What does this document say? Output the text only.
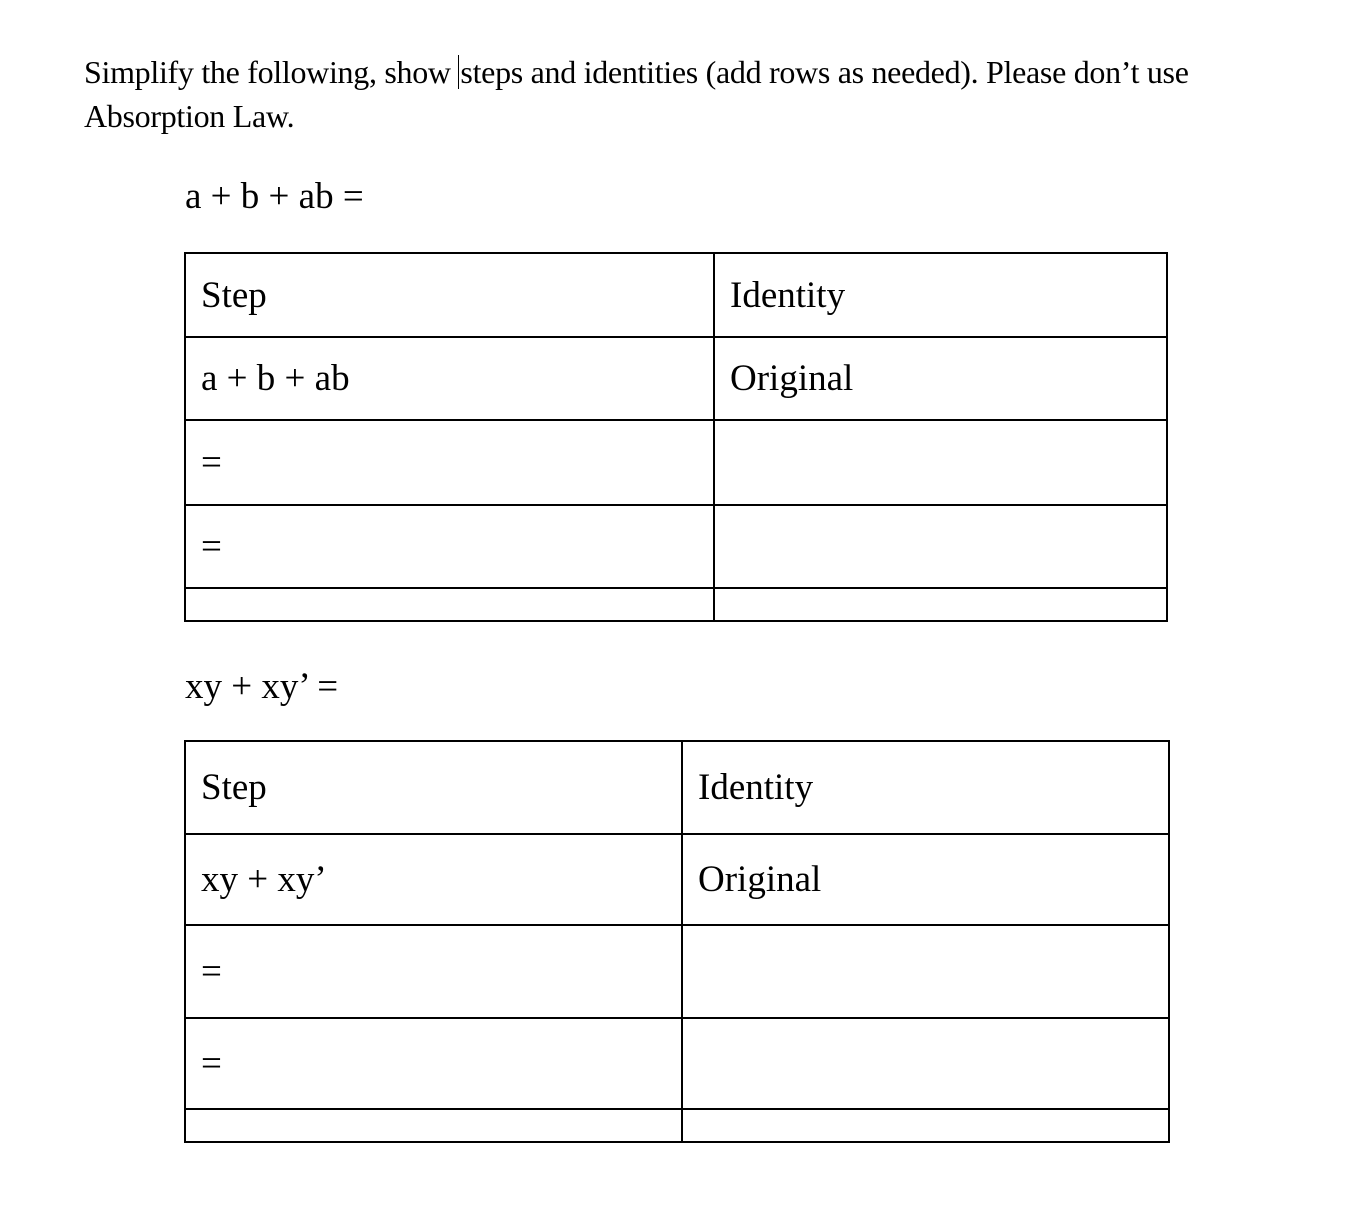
Simplify the following, show steps and identities (add rows as needed). Please don’t use Absorption Law.

a + b + ab =

Step	Identity
a + b + ab	Original
=	
=	

xy + xy’ =

Step	Identity
xy + xy’	Original
=	
=	
